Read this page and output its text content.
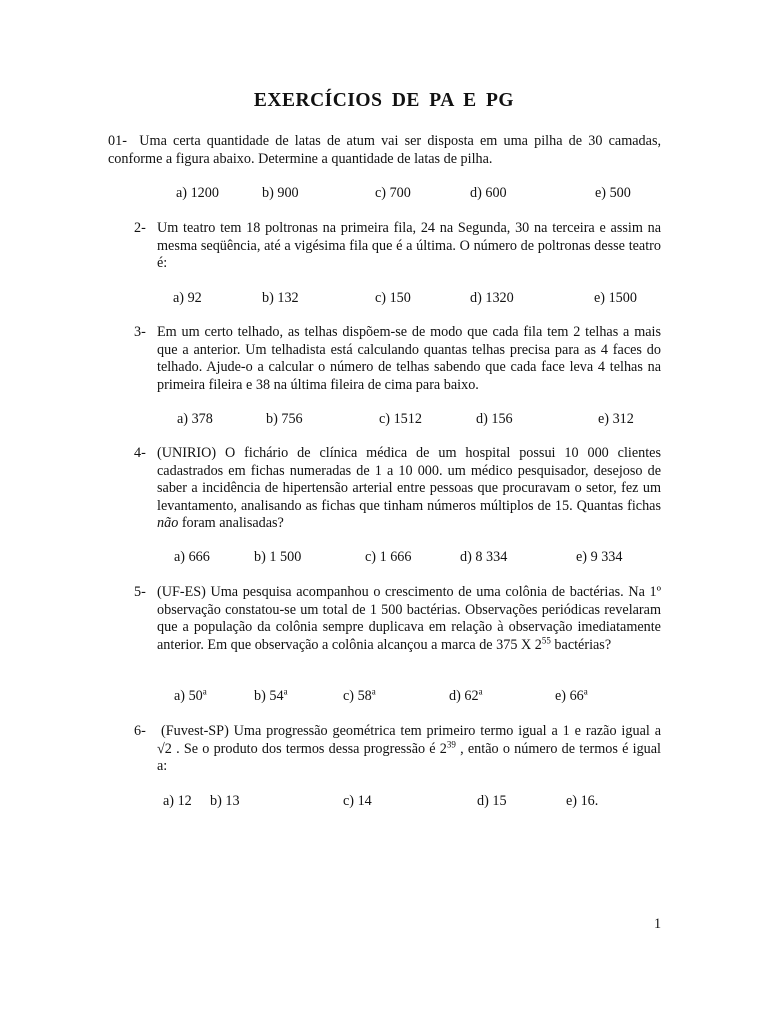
EXERCÍCIOS DE PA E PG
01- Uma certa quantidade de latas de atum vai ser disposta em uma pilha de 30 camadas, conforme a figura abaixo. Determine a quantidade de latas de pilha.
a) 1200	b) 900	c) 700	d) 600	e) 500
2- Um teatro tem 18 poltronas na primeira fila, 24 na Segunda, 30 na terceira e assim na mesma seqüência, até a vigésima fila que é a última. O número de poltronas desse teatro é:
a) 92	b) 132	c) 150	d) 1320	e) 1500
3- Em um certo telhado, as telhas dispõem-se de modo que cada fila tem 2 telhas a mais que a anterior. Um telhadista está calculando quantas telhas precisa para as 4 faces do telhado. Ajude-o a calcular o número de telhas sabendo que cada face leva 4 telhas na primeira fileira e 38 na última fileira de cima para baixo.
a) 378	b) 756	c) 1512	d) 156	e) 312
4- (UNIRIO) O fichário de clínica médica de um hospital possui 10 000 clientes cadastrados em fichas numeradas de 1 a 10 000. um médico pesquisador, desejoso de saber a incidência de hipertensão arterial entre pessoas que procuravam o setor, fez um levantamento, analisando as fichas que tinham números múltiplos de 15. Quantas fichas não foram analisadas?
a) 666	b) 1 500	c) 1 666	d) 8 334	e) 9 334
5- (UF-ES) Uma pesquisa acompanhou o crescimento de uma colônia de bactérias. Na 1º observação constatou-se um total de 1 500 bactérias. Observações periódicas revelaram que a população da colônia sempre duplicava em relação à observação imediatamente anterior. Em que observação a colônia alcançou a marca de 375 X $2^{55}$ bactérias?
a) 50$^a$	b) 54$^a$	c) 58$^a$	d) 62$^a$	e) 66$^a$
6- (Fuvest-SP) Uma progressão geométrica tem primeiro termo igual a 1 e razão igual a √2 . Se o produto dos termos dessa progressão é $2^{39}$ , então o número de termos é igual a:
a) 12 b) 13	c) 14	d) 15	e) 16.
1
